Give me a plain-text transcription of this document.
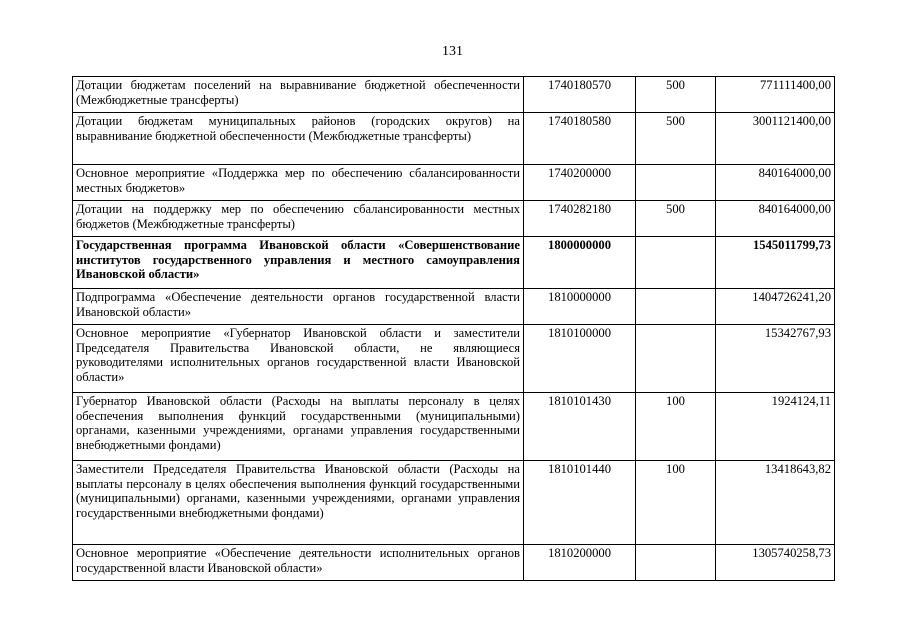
131
Дотации бюджетам поселений на выравнивание бюджетной обеспеченности (Межбюджетные трансферты)	1740180570	500	771111400,00
Дотации бюджетам муниципальных районов (городских округов) на выравнивание бюджетной обеспеченности (Межбюджетные трансферты)	1740180580	500	3001121400,00
Основное мероприятие «Поддержка мер по обеспечению сбалансированности местных бюджетов»	1740200000		840164000,00
Дотации на поддержку мер по обеспечению сбалансированности местных бюджетов (Межбюджетные трансферты)	1740282180	500	840164000,00
Государственная программа Ивановской области «Совершенствование институтов государственного управления и местного самоуправления Ивановской области»	1800000000		1545011799,73
Подпрограмма «Обеспечение деятельности органов государственной власти Ивановской области»	1810000000		1404726241,20
Основное мероприятие «Губернатор Ивановской области и заместители Председателя Правительства Ивановской области, не являющиеся руководителями исполнительных органов государственной власти Ивановской области»	1810100000		15342767,93
Губернатор Ивановской области (Расходы на выплаты персоналу в целях обеспечения выполнения функций государственными (муниципальными) органами, казенными учреждениями, органами управления государственными внебюджетными фондами)	1810101430	100	1924124,11
Заместители Председателя Правительства Ивановской области (Расходы на выплаты персоналу в целях обеспечения выполнения функций государственными (муниципальными) органами, казенными учреждениями, органами управления государственными внебюджетными фондами)	1810101440	100	13418643,82
Основное мероприятие «Обеспечение деятельности исполнительных органов государственной власти Ивановской области»	1810200000		1305740258,73
